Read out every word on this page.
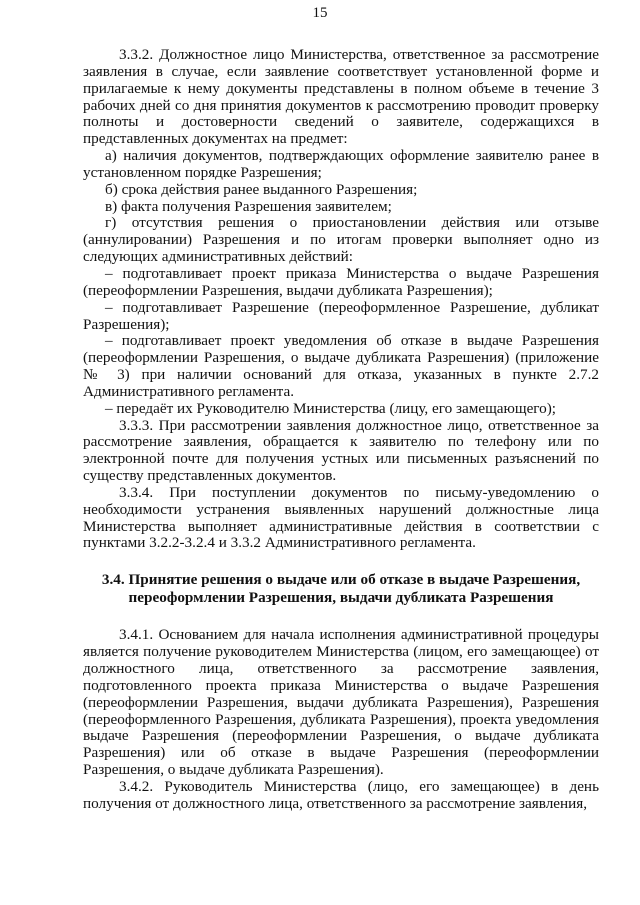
15

3.3.2. Должностное лицо Министерства, ответственное за рассмотрение заявления в случае, если заявление соответствует установленной форме и прилагаемые к нему документы представлены в полном объеме в течение 3 рабочих дней со дня принятия документов к рассмотрению проводит проверку полноты и достоверности сведений о заявителе, содержащихся в представленных документах на предмет:

а) наличия документов, подтверждающих оформление заявителю ранее в установленном порядке Разрешения;

б) срока действия ранее выданного Разрешения;

в) факта получения Разрешения заявителем;

г) отсутствия решения о приостановлении действия или отзыве (аннулировании) Разрешения и по итогам проверки выполняет одно из следующих административных действий:

– подготавливает проект приказа Министерства о выдаче Разрешения (переоформлении Разрешения, выдачи дубликата Разрешения);

– подготавливает Разрешение (переоформленное Разрешение, дубликат Разрешения);

– подготавливает проект уведомления об отказе в выдаче Разрешения (переоформлении Разрешения, о выдаче дубликата Разрешения) (приложение № 3) при наличии оснований для отказа, указанных в пункте 2.7.2 Административного регламента.

– передаёт их Руководителю Министерства (лицу, его замещающего);

3.3.3. При рассмотрении заявления должностное лицо, ответственное за рассмотрение заявления, обращается к заявителю по телефону или по электронной почте для получения устных или письменных разъяснений по существу представленных документов.

3.3.4. При поступлении документов по письму-уведомлению о необходимости устранения выявленных нарушений должностные лица Министерства выполняет административные действия в соответствии с пунктами 3.2.2-3.2.4 и 3.3.2 Административного регламента.

3.4. Принятие решения о выдаче или об отказе в выдаче Разрешения,
переоформлении Разрешения, выдачи дубликата Разрешения

3.4.1. Основанием для начала исполнения административной процедуры является получение руководителем Министерства (лицом, его замещающее) от должностного лица, ответственного за рассмотрение заявления, подготовленного проекта приказа Министерства о выдаче Разрешения (переоформлении Разрешения, выдачи дубликата Разрешения), Разрешения (переоформленного Разрешения, дубликата Разрешения), проекта уведомления выдаче Разрешения (переоформлении Разрешения, о выдаче дубликата Разрешения) или об отказе в выдаче Разрешения (переоформлении Разрешения, о выдаче дубликата Разрешения).

3.4.2. Руководитель Министерства (лицо, его замещающее) в день получения от должностного лица, ответственного за рассмотрение заявления,
